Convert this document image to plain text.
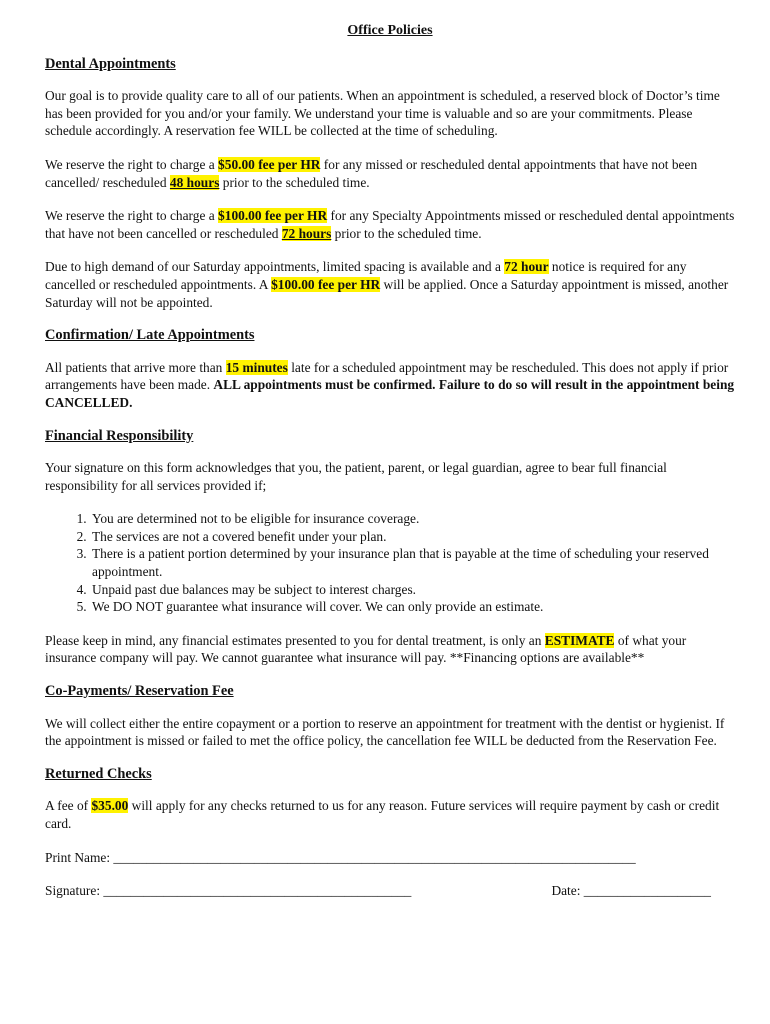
Office Policies
Dental Appointments

Our goal is to provide quality care to all of our patients. When an appointment is scheduled, a reserved block of Doctor’s time has been provided for you and/or your family. We understand your time is valuable and so are your commitments. Please schedule accordingly. A reservation fee WILL be collected at the time of scheduling.

We reserve the right to charge a $50.00 fee per HR for any missed or rescheduled dental appointments that have not been cancelled/ rescheduled 48 hours prior to the scheduled time.

We reserve the right to charge a $100.00 fee per HR for any Specialty Appointments missed or rescheduled dental appointments that have not been cancelled or rescheduled 72 hours prior to the scheduled time.

Due to high demand of our Saturday appointments, limited spacing is available and a 72 hour notice is required for any cancelled or rescheduled appointments. A $100.00 fee per HR will be applied. Once a Saturday appointment is missed, another Saturday will not be appointed.

Confirmation/ Late Appointments

All patients that arrive more than 15 minutes late for a scheduled appointment may be rescheduled. This does not apply if prior arrangements have been made. ALL appointments must be confirmed. Failure to do so will result in the appointment being CANCELLED.

Financial Responsibility

Your signature on this form acknowledges that you, the patient, parent, or legal guardian, agree to bear full financial responsibility for all services provided if;

1. You are determined not to be eligible for insurance coverage.
2. The services are not a covered benefit under your plan.
3. There is a patient portion determined by your insurance plan that is payable at the time of scheduling your reserved appointment.
4. Unpaid past due balances may be subject to interest charges.
5. We DO NOT guarantee what insurance will cover. We can only provide an estimate.

Please keep in mind, any financial estimates presented to you for dental treatment, is only an ESTIMATE of what your insurance company will pay. We cannot guarantee what insurance will pay. **Financing options are available**

Co-Payments/ Reservation Fee

We will collect either the entire copayment or a portion to reserve an appointment for treatment with the dentist or hygienist. If the appointment is missed or failed to met the office policy, the cancellation fee WILL be deducted from the Reservation Fee.

Returned Checks

A fee of $35.00 will apply for any checks returned to us for any reason. Future services will require payment by cash or credit card.

Print Name: ______________________________________________________________________________
Signature: ______________________________________________	Date: ___________________
